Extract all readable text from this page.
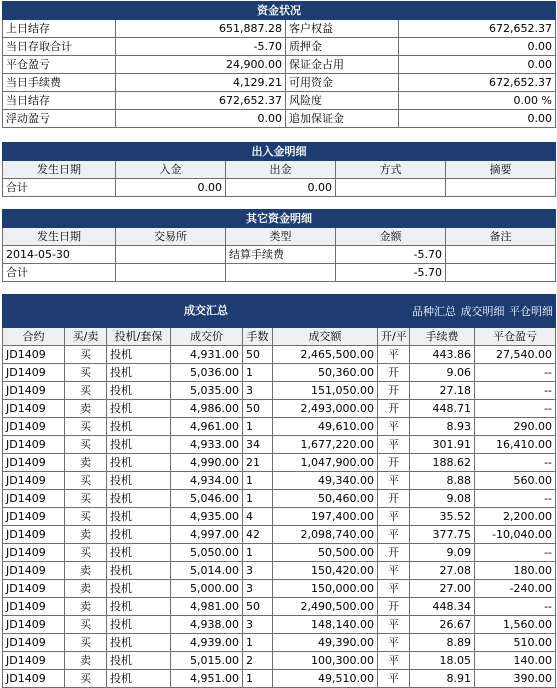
资金状况			
上日结存	651,887.28	客户权益	672,652.37
当日存取合计	-5.70	质押金	0.00
平仓盈亏	24,900.00	保证金占用	0.00
当日手续费	4,129.21	可用资金	672,652.37
当日结存	672,652.37	风险度	0.00 %
浮动盈亏	0.00	追加保证金	0.00
出入金明细				
发生日期	入金	出金	方式	摘要
合计	0.00	0.00		
其它资金明细				
发生日期	交易所	类型	金额	备注
2014-05-30		结算手续费	-5.70	
合计			-5.70	
成交汇总							品种汇总 成交明细 平仓明细	

合约	买/卖	投机/套保	成交价	手数	成交额	开/平	手续费	平仓盈亏
JD1409	买	投机	4,931.00	50	2,465,500.00	平	443.86	27,540.00
JD1409	买	投机	5,036.00	1	50,360.00	开	9.06	--
JD1409	买	投机	5,035.00	3	151,050.00	开	27.18	--
JD1409	卖	投机	4,986.00	50	2,493,000.00	开	448.71	--
JD1409	买	投机	4,961.00	1	49,610.00	平	8.93	290.00
JD1409	买	投机	4,933.00	34	1,677,220.00	平	301.91	16,410.00
JD1409	卖	投机	4,990.00	21	1,047,900.00	开	188.62	--
JD1409	买	投机	4,934.00	1	49,340.00	平	8.88	560.00
JD1409	买	投机	5,046.00	1	50,460.00	开	9.08	--
JD1409	买	投机	4,935.00	4	197,400.00	平	35.52	2,200.00
JD1409	卖	投机	4,997.00	42	2,098,740.00	平	377.75	-10,040.00
JD1409	买	投机	5,050.00	1	50,500.00	开	9.09	--
JD1409	卖	投机	5,014.00	3	150,420.00	平	27.08	180.00
JD1409	卖	投机	5,000.00	3	150,000.00	平	27.00	-240.00
JD1409	卖	投机	4,981.00	50	2,490,500.00	开	448.34	--
JD1409	买	投机	4,938.00	3	148,140.00	平	26.67	1,560.00
JD1409	买	投机	4,939.00	1	49,390.00	平	8.89	510.00
JD1409	卖	投机	5,015.00	2	100,300.00	平	18.05	140.00
JD1409	买	投机	4,951.00	1	49,510.00	平	8.91	390.00
